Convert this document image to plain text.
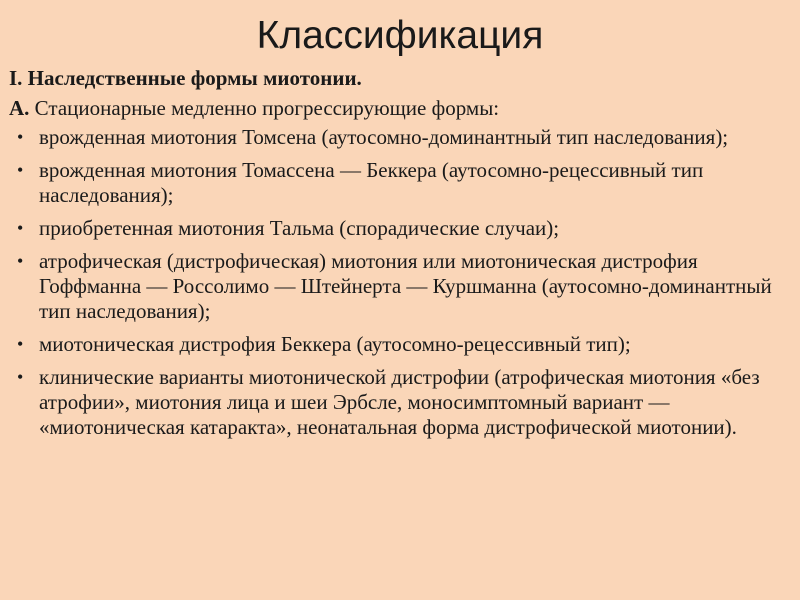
Классификация
I. Наследственные формы миотонии.
А. Стационарные медленно прогрессирующие формы:
• врожденная миотония Томсена (аутосомно-доминантный тип наследования);
• врожденная миотония Томассена — Беккера (аутосомно-рецессивный тип наследования);
• приобретенная миотония Тальма (спорадические случаи);
• атрофическая (дистрофическая) миотония или миотоническая дистрофия Гоффманна — Россолимо — Штейнерта — Куршманна (аутосомно-доминантный тип наследования);
• миотоническая дистрофия Беккера (аутосомно-рецессивный тип);
• клинические варианты миотонической дистрофии (атрофическая миотония «без атрофии», миотония лица и шеи Эрбсле, моносимптомный вариант — «миотоническая катаракта», неонатальная форма дистрофической миотонии).
